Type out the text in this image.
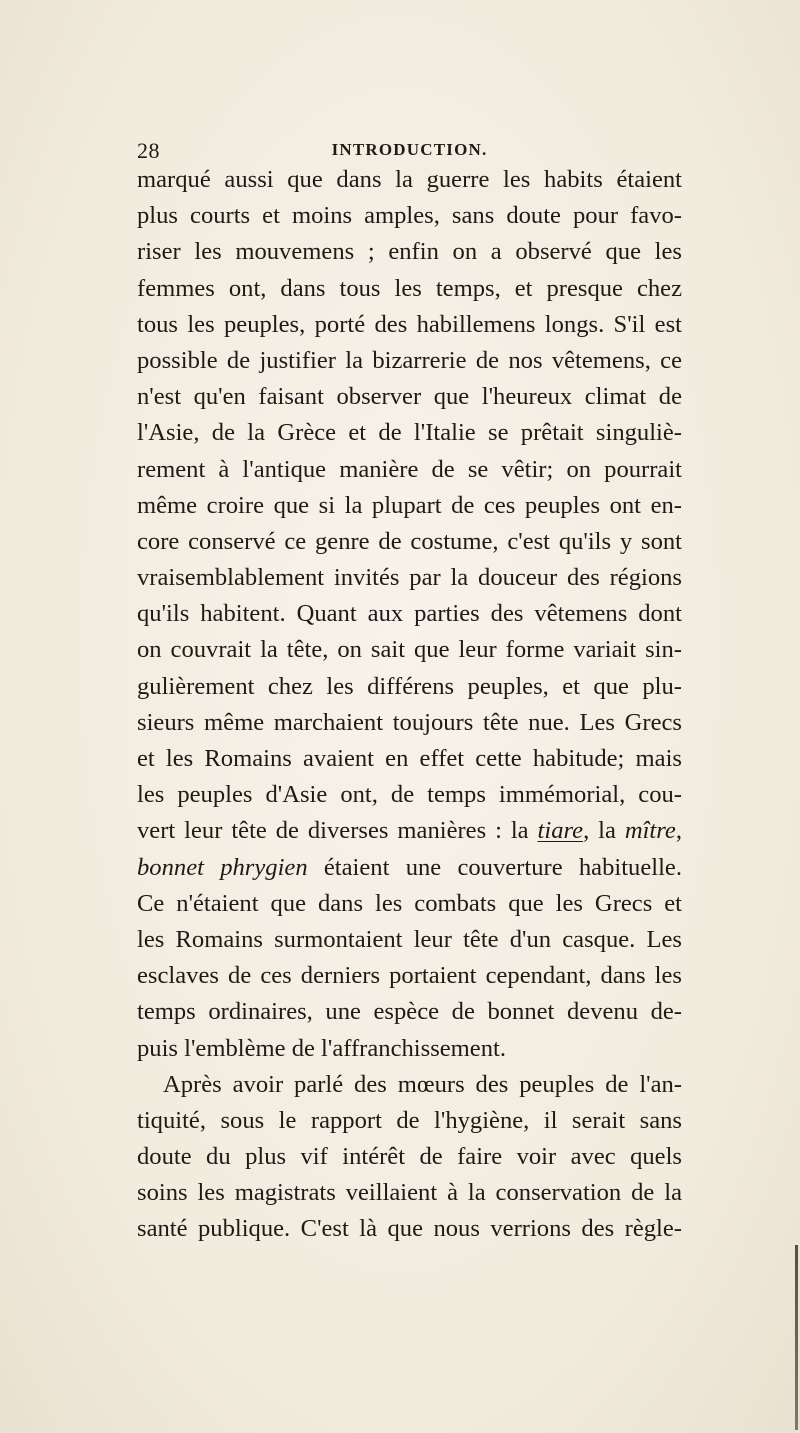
28	INTRODUCTION.
marqué aussi que dans la guerre les habits étaient
plus courts et moins amples, sans doute pour favo-
riser les mouvemens ; enfin on a observé que les
femmes ont, dans tous les temps, et presque chez
tous les peuples, porté des habillemens longs. S'il est
possible de justifier la bizarrerie de nos vêtemens, ce
n'est qu'en faisant observer que l'heureux climat de
l'Asie, de la Grèce et de l'Italie se prêtait singuliè-
rement à l'antique manière de se vêtir; on pourrait
même croire que si la plupart de ces peuples ont en-
core conservé ce genre de costume, c'est qu'ils y sont
vraisemblablement invités par la douceur des régions
qu'ils habitent. Quant aux parties des vêtemens dont
on couvrait la tête, on sait que leur forme variait sin-
gulièrement chez les différens peuples, et que plu-
sieurs même marchaient toujours tête nue. Les Grecs
et les Romains avaient en effet cette habitude; mais
les peuples d'Asie ont, de temps immémorial, cou-
vert leur tête de diverses manières : la tiare, la mître,
bonnet phrygien étaient une couverture habituelle.
Ce n'étaient que dans les combats que les Grecs et
les Romains surmontaient leur tête d'un casque. Les
esclaves de ces derniers portaient cependant, dans les
temps ordinaires, une espèce de bonnet devenu de-
puis l'emblème de l'affranchissement.
Après avoir parlé des mœurs des peuples de l'an-
tiquité, sous le rapport de l'hygiène, il serait sans
doute du plus vif intérêt de faire voir avec quels
soins les magistrats veillaient à la conservation de la
santé publique. C'est là que nous verrions des règle-
